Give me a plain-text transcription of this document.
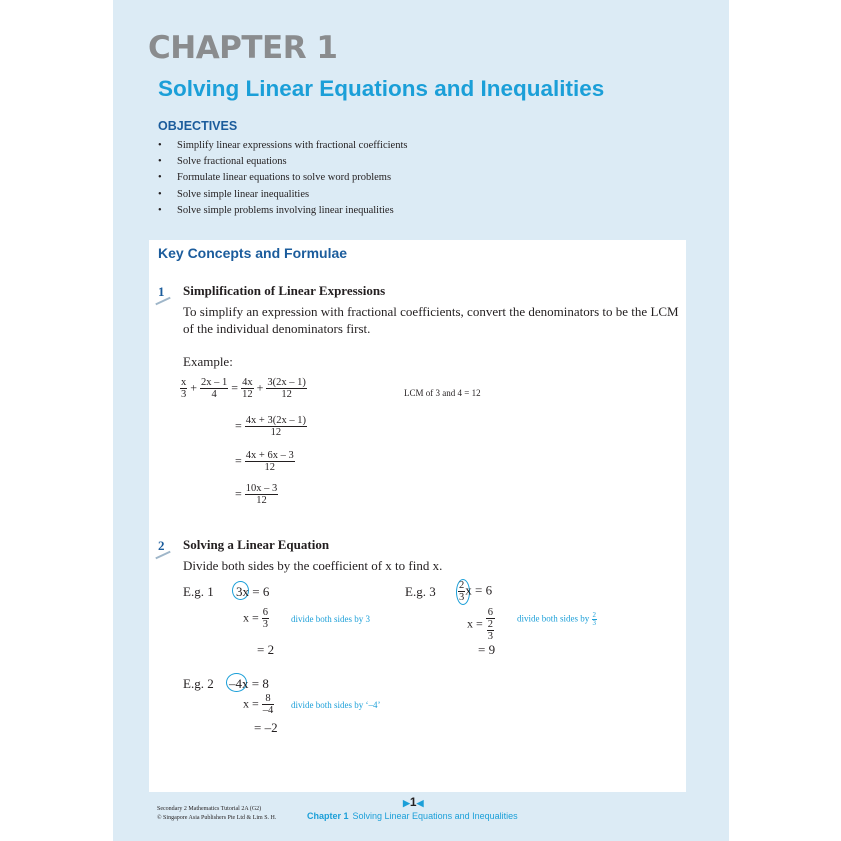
CHAPTER 1
Solving Linear Equations and Inequalities
OBJECTIVES
• Simplify linear expressions with fractional coefficients
• Solve fractional equations
• Formulate linear equations to solve word problems
• Solve simple linear inequalities
• Solve simple problems involving linear inequalities
Key Concepts and Formulae
1 Simplification of Linear Expressions
To simplify an expression with fractional coefficients, convert the denominators to be the LCM of the individual denominators first.
Example:
$\frac{x}{3} + \frac{2x - 1}{4} = \frac{4x}{12} + \frac{3(2x - 1)}{12}$	LCM of 3 and 4 = 12
= $\frac{4x + 3(2x - 1)}{12}$
= $\frac{4x + 6x - 3}{12}$
= $\frac{10x - 3}{12}$
2 Solving a Linear Equation
Divide both sides by the coefficient of x to find x.
E.g. 1 3x = 6
$x = \frac{6}{3}$ divide both sides by 3
= 2
E.g. 2 –4x = 8
$x = \frac{8}{-4}$ divide both sides by ‘–4’
= –2
E.g. $3 \frac{2}{3}$ x = 6
$x = \frac{6}{\frac{2}{3}}$ divide both sides by $\frac{2}{3}$
= 9
Secondary 2 Mathematics Tutorial 2A (G2)
© Singapore Asia Publishers Pte Ltd & Lim S. H.
▶1◀
Chapter 1 Solving Linear Equations and Inequalities
